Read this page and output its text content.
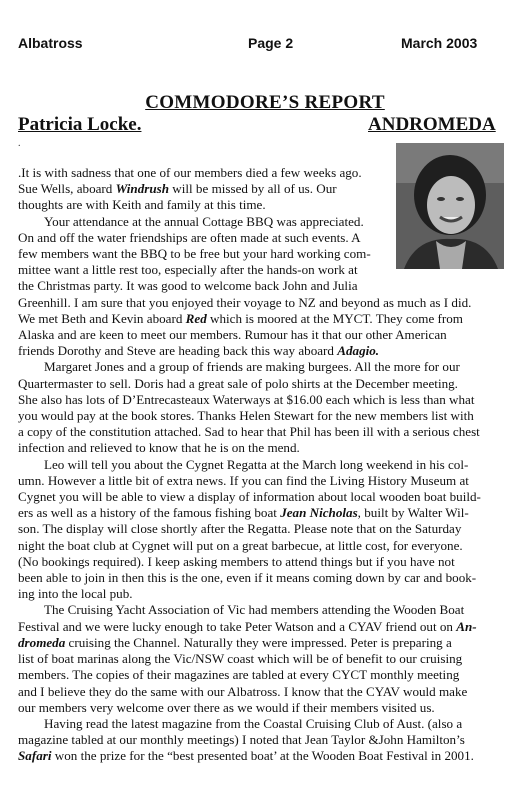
Albatross	Page 2	March 2003
COMMODORE’S REPORT
Patricia Locke.	ANDROMEDA
.

.It is with sadness that one of our members died a few weeks ago.
Sue Wells, aboard Windrush will be missed by all of us. Our
thoughts are with Keith and family at this time.

Your attendance at the annual Cottage BBQ was appreciated.
On and off the water friendships are often made at such events. A
few members want the BBQ to be free but your hard working com-
mittee want a little rest too, especially after the hands-on work at
the Christmas party. It was good to welcome back John and Julia
Greenhill. I am sure that you enjoyed their voyage to NZ and beyond as much as I did.
We met Beth and Kevin aboard Red which is moored at the MYCT. They come from
Alaska and are keen to meet our members. Rumour has it that our other American
friends Dorothy and Steve are heading back this way aboard Adagio.

Margaret Jones and a group of friends are making burgees. All the more for our
Quartermaster to sell. Doris had a great sale of polo shirts at the December meeting.
She also has lots of D’Entrecasteaux Waterways at $16.00 each which is less than what
you would pay at the book stores. Thanks Helen Stewart for the new members list with
a copy of the constitution attached. Sad to hear that Phil has been ill with a serious chest
infection and relieved to know that he is on the mend.

Leo will tell you about the Cygnet Regatta at the March long weekend in his col-
umn. However a little bit of extra news. If you can find the Living History Museum at
Cygnet you will be able to view a display of information about local wooden boat build-
ers as well as a history of the famous fishing boat Jean Nicholas, built by Walter Wil-
son. The display will close shortly after the Regatta. Please note that on the Saturday
night the boat club at Cygnet will put on a great barbecue, at little cost, for everyone.
(No bookings required). I keep asking members to attend things but if you have not
been able to join in then this is the one, even if it means coming down by car and book-
ing into the local pub.

The Cruising Yacht Association of Vic had members attending the Wooden Boat
Festival and we were lucky enough to take Peter Watson and a CYAV friend out on An-
dromeda cruising the Channel. Naturally they were impressed. Peter is preparing a
list of boat marinas along the Vic/NSW coast which will be of benefit to our cruising
members. The copies of their magazines are tabled at every CYCT monthly meeting
and I believe they do the same with our Albatross. I know that the CYAV would make
our members very welcome over there as we would if their members visited us.

Having read the latest magazine from the Coastal Cruising Club of Aust. (also a
magazine tabled at our monthly meetings) I noted that Jean Taylor &John Hamilton’s
Safari won the prize for the “best presented boat’ at the Wooden Boat Festival in 2001.
